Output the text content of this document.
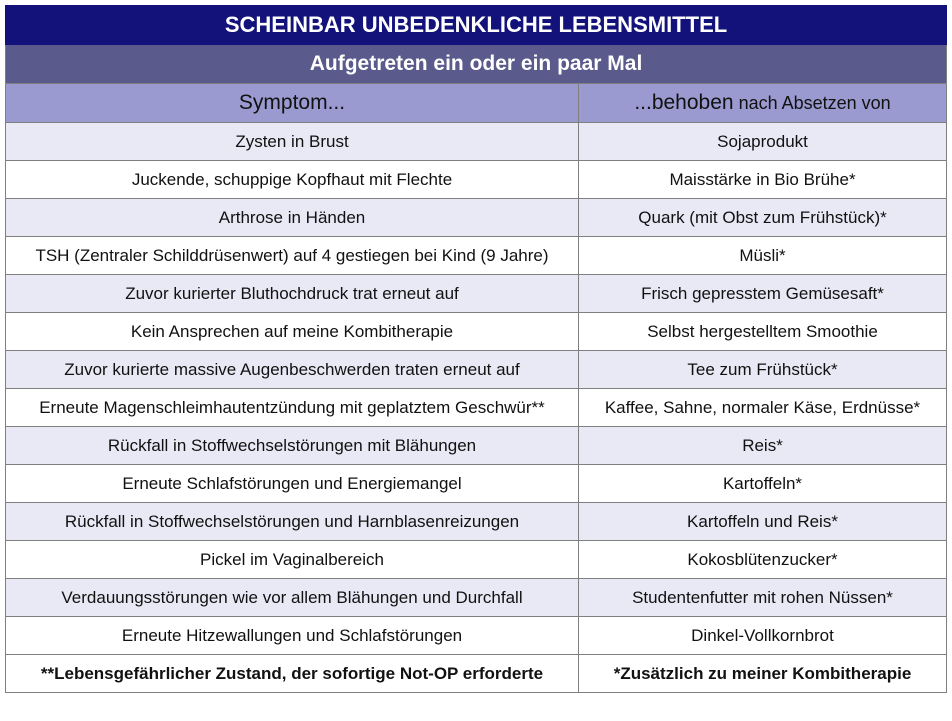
SCHEINBAR UNBEDENKLICHE LEBENSMITTEL	
Aufgetreten ein oder ein paar Mal	
Symptom...	...behoben nach Absetzen von
Zysten in Brust	Sojaprodukt
Juckende, schuppige Kopfhaut mit Flechte	Maisstärke in Bio Brühe*
Arthrose in Händen	Quark (mit Obst zum Frühstück)*
TSH (Zentraler Schilddrüsenwert) auf 4 gestiegen bei Kind (9 Jahre)	Müsli*
Zuvor kurierter Bluthochdruck trat erneut auf	Frisch gepresstem Gemüsesaft*
Kein Ansprechen auf meine Kombitherapie	Selbst hergestelltem Smoothie
Zuvor kurierte massive Augenbeschwerden traten erneut auf	Tee zum Frühstück*
Erneute Magenschleimhautentzündung mit geplatztem Geschwür**	Kaffee, Sahne, normaler Käse, Erdnüsse*
Rückfall in Stoffwechselstörungen mit Blähungen	Reis*
Erneute Schlafstörungen und Energiemangel	Kartoffeln*
Rückfall in Stoffwechselstörungen und Harnblasenreizungen	Kartoffeln und Reis*
Pickel im Vaginalbereich	Kokosblütenzucker*
Verdauungsstörungen wie vor allem Blähungen und Durchfall	Studentenfutter mit rohen Nüssen*
Erneute Hitzewallungen und Schlafstörungen	Dinkel-Vollkornbrot
**Lebensgefährlicher Zustand, der sofortige Not-OP erforderte	*Zusätzlich zu meiner Kombitherapie
